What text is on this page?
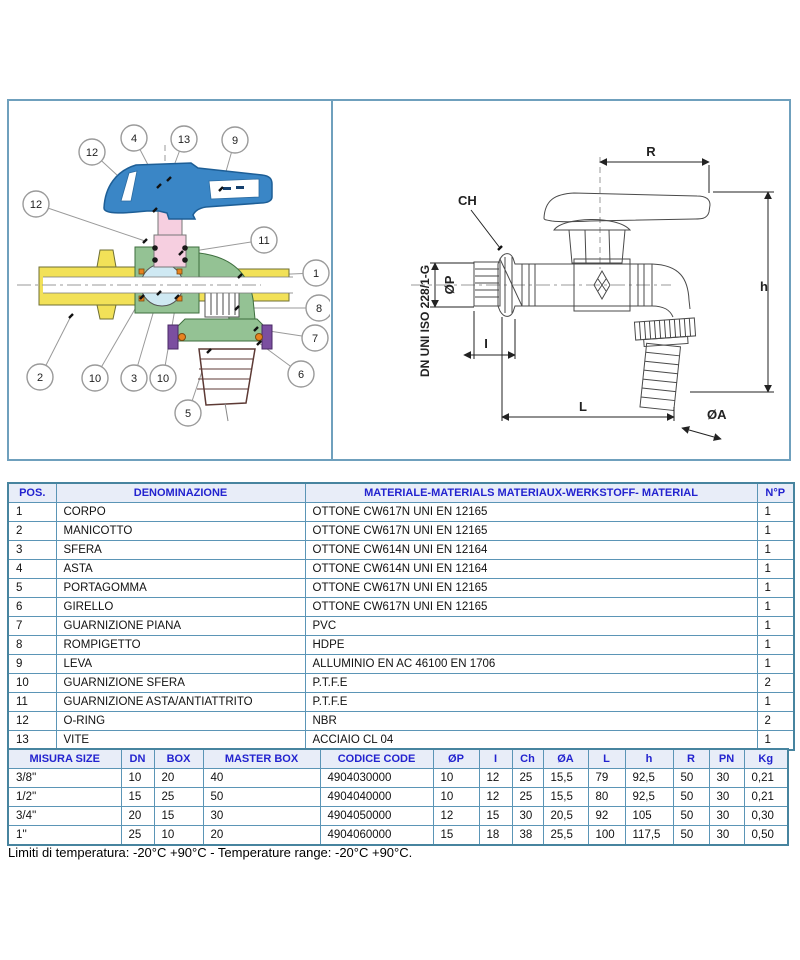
12
4	13	9
12
11
1
8
7
6
2	10	3 10
5
R
h
L
I
ØP
DN UNI ISO 228/1-G
CH
ØA
POS.	DENOMINAZIONE	MATERIALE-MATERIALS MATERIAUX-WERKSTOFF- MATERIAL	N°P
1	CORPO	OTTONE CW617N UNI EN 12165	1
2	MANICOTTO	OTTONE CW617N UNI EN 12165	1
3	SFERA	OTTONE CW614N UNI EN 12164	1
4	ASTA	OTTONE CW614N UNI EN 12164	1
5	PORTAGOMMA	OTTONE CW617N UNI EN 12165	1
6	GIRELLO	OTTONE CW617N UNI EN 12165	1
7	GUARNIZIONE PIANA	PVC	1
8	ROMPIGETTO	HDPE	1
9	LEVA	ALLUMINIO EN AC 46100 EN 1706	1
10	GUARNIZIONE SFERA	P.T.F.E	2
11	GUARNIZIONE ASTA/ANTIATTRITO	P.T.F.E	1
12	O-RING	NBR	2
13	VITE	ACCIAIO CL 04	1
MISURA SIZE	DN	BOX	MASTER BOX	CODICE CODE	ØP	I	Ch	ØA	L	h	R	PN	Kg
3/8''	10	20	40	4904030000	10	12	25	15,5	79	92,5	50	30	0,21
1/2''	15	25	50	4904040000	10	12	25	15,5	80	92,5	50	30	0,21
3/4''	20	15	30	4904050000	12	15	30	20,5	92	105	50	30	0,30
1''	25	10	20	4904060000	15	18	38	25,5	100	117,5	50	30	0,50
Limiti di temperatura: -20°C +90°C - Temperature range: -20°C +90°C.
